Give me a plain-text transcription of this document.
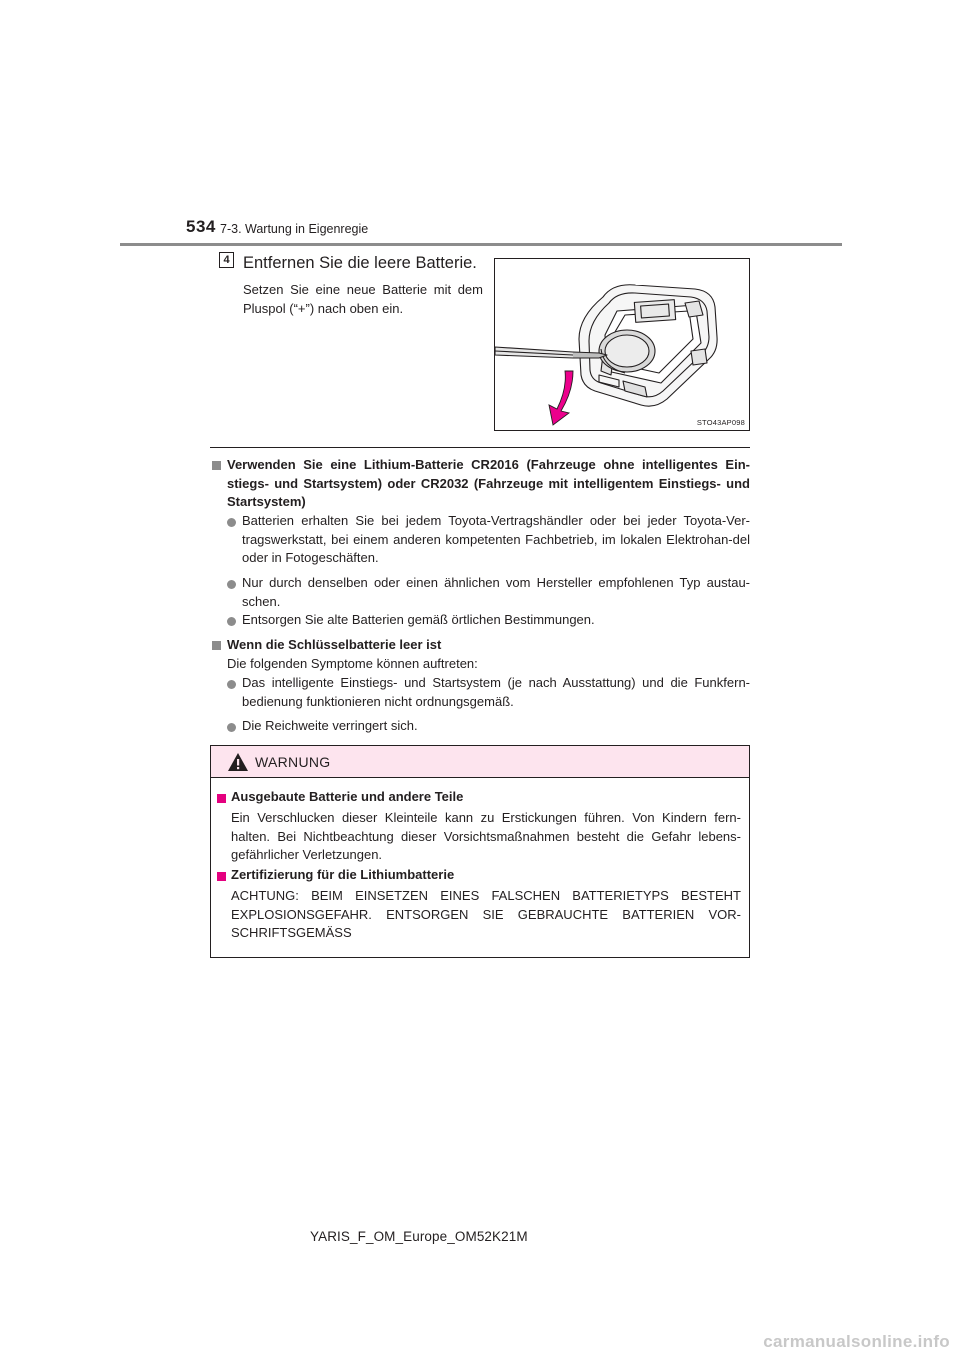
534 7-3. Wartung in Eigenregie
4 Entfernen Sie die leere Batterie.
Setzen Sie eine neue Batterie mit dem Pluspol (“+”) nach oben ein.
STO43AP098
Verwenden Sie eine Lithium-Batterie CR2016 (Fahrzeuge ohne intelligentes Ein-stiegs- und Startsystem) oder CR2032 (Fahrzeuge mit intelligentem Einstiegs- und Startsystem)
Batterien erhalten Sie bei jedem Toyota-Vertragshändler oder bei jeder Toyota-Ver-tragswerkstatt, bei einem anderen kompetenten Fachbetrieb, im lokalen Elektrohan-del oder in Fotogeschäften.
Nur durch denselben oder einen ähnlichen vom Hersteller empfohlenen Typ austau-schen.
Entsorgen Sie alte Batterien gemäß örtlichen Bestimmungen.
Wenn die Schlüsselbatterie leer ist
Die folgenden Symptome können auftreten:
Das intelligente Einstiegs- und Startsystem (je nach Ausstattung) und die Funkfern-bedienung funktionieren nicht ordnungsgemäß.
Die Reichweite verringert sich.
WARNUNG
Ausgebaute Batterie und andere Teile
Ein Verschlucken dieser Kleinteile kann zu Erstickungen führen. Von Kindern fern-halten. Bei Nichtbeachtung dieser Vorsichtsmaßnahmen besteht die Gefahr lebens-gefährlicher Verletzungen.
Zertifizierung für die Lithiumbatterie
ACHTUNG: BEIM EINSETZEN EINES FALSCHEN BATTERIETYPS BESTEHT EXPLOSIONSGEFAHR. ENTSORGEN SIE GEBRAUCHTE BATTERIEN VOR-SCHRIFTSGEMÄSS
YARIS_F_OM_Europe_OM52K21M
carmanualsonline.info
